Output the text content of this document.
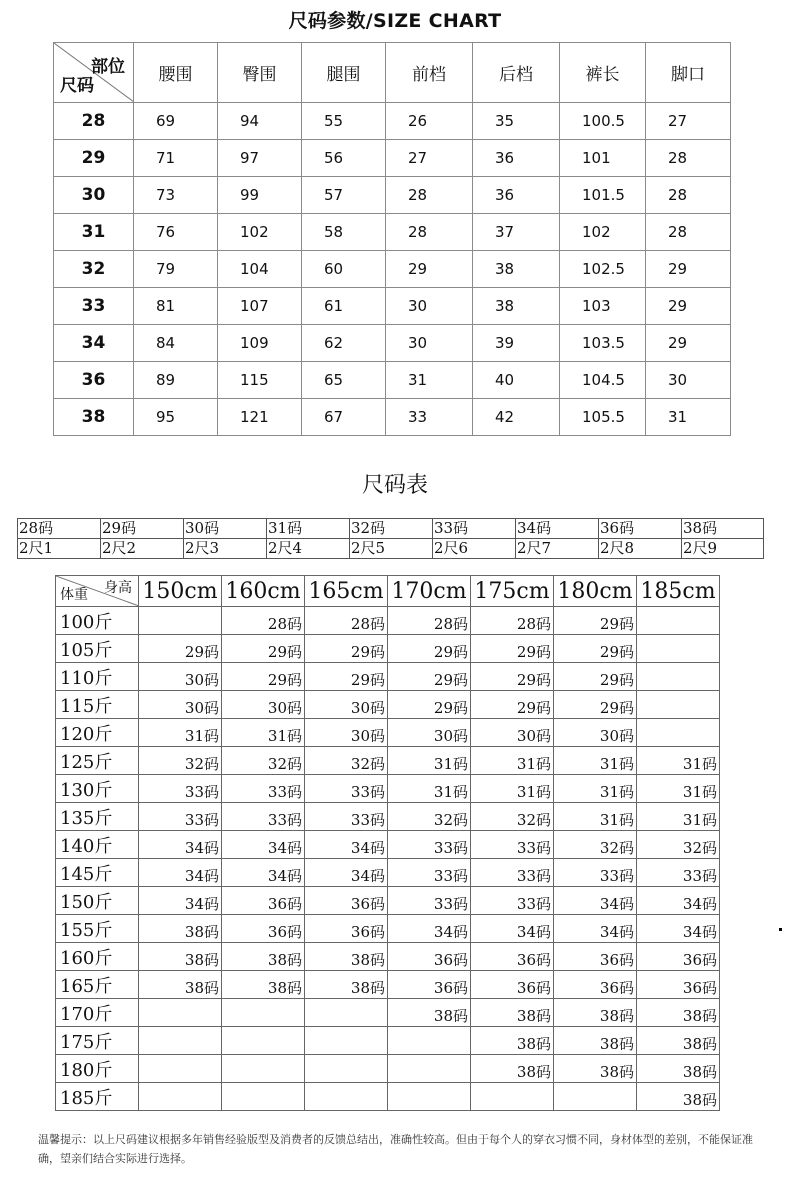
尺码参数/SIZE CHART
部位
尺码	腰围	臀围	腿围	前档	后档	裤长	脚口
28	69	94	55	26	35	100.5	27
29	71	97	56	27	36	101	28
30	73	99	57	28	36	101.5	28
31	76	102	58	28	37	102	28
32	79	104	60	29	38	102.5	29
33	81	107	61	30	38	103	29
34	84	109	62	30	39	103.5	29
36	89	115	65	31	40	104.5	30
38	95	121	67	33	42	105.5	31
尺码表
28码	29码	30码	31码	32码	33码	34码	36码	38码
2尺1	2尺2	2尺3	2尺4	2尺5	2尺6	2尺7	2尺8	2尺9
身高
体重	150cm	160cm	165cm	170cm	175cm	180cm	185cm
100斤		28码	28码	28码	28码	29码	
105斤	29码	29码	29码	29码	29码	29码	
110斤	30码	29码	29码	29码	29码	29码	
115斤	30码	30码	30码	29码	29码	29码	
120斤	31码	31码	30码	30码	30码	30码	
125斤	32码	32码	32码	31码	31码	31码	31码
130斤	33码	33码	33码	31码	31码	31码	31码
135斤	33码	33码	33码	32码	32码	31码	31码
140斤	34码	34码	34码	33码	33码	32码	32码
145斤	34码	34码	34码	33码	33码	33码	33码
150斤	34码	36码	36码	33码	33码	34码	34码
155斤	38码	36码	36码	34码	34码	34码	34码
160斤	38码	38码	38码	36码	36码	36码	36码
165斤	38码	38码	38码	36码	36码	36码	36码
170斤				38码	38码	38码	38码
175斤					38码	38码	38码
180斤					38码	38码	38码
185斤							38码
温馨提示：以上尺码建议根据多年销售经验版型及消费者的反馈总结出，准确性较高。但由于每个人的穿衣习惯不同，身材体型的差别，不能保证准确，望亲们结合实际进行选择。
